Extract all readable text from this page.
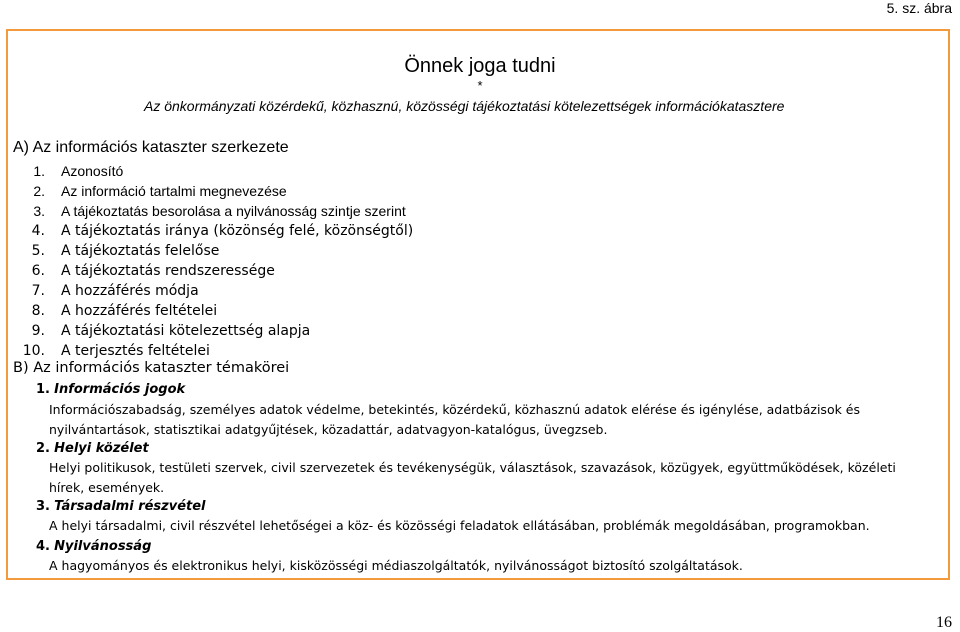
5. sz. ábra
Önnek joga tudni
*
Az önkormányzati közérdekű, közhasznú, közösségi tájékoztatási kötelezettségek információkatasztere
A) Az információs kataszter szerkezete
1. Azonosító
2. Az információ tartalmi megnevezése
3. A tájékoztatás besorolása a nyilvánosság szintje szerint
4. A tájékoztatás iránya (közönség felé, közönségtől)
5. A tájékoztatás felelőse
6. A tájékoztatás rendszeressége
7. A hozzáférés módja
8. A hozzáférés feltételei
9. A tájékoztatási kötelezettség alapja
10. A terjesztés feltételei
B) Az információs kataszter témakörei
1. Információs jogok
Információszabadság, személyes adatok védelme, betekintés, közérdekű, közhasznú adatok elérése és igénylése, adatbázisok és nyilvántartások, statisztikai adatgyűjtések, közadattár, adatvagyon-katalógus, üvegzseb.
2. Helyi közélet
Helyi politikusok, testületi szervek, civil szervezetek és tevékenységük, választások, szavazások, közügyek, együttműködések, közéleti hírek, események.
3. Társadalmi részvétel
A helyi társadalmi, civil részvétel lehetőségei a köz- és közösségi feladatok ellátásában, problémák megoldásában, programokban.
4. Nyilvánosság
A hagyományos és elektronikus helyi, kisközösségi médiaszolgáltatók, nyilvánosságot biztosító szolgáltatások.
16
